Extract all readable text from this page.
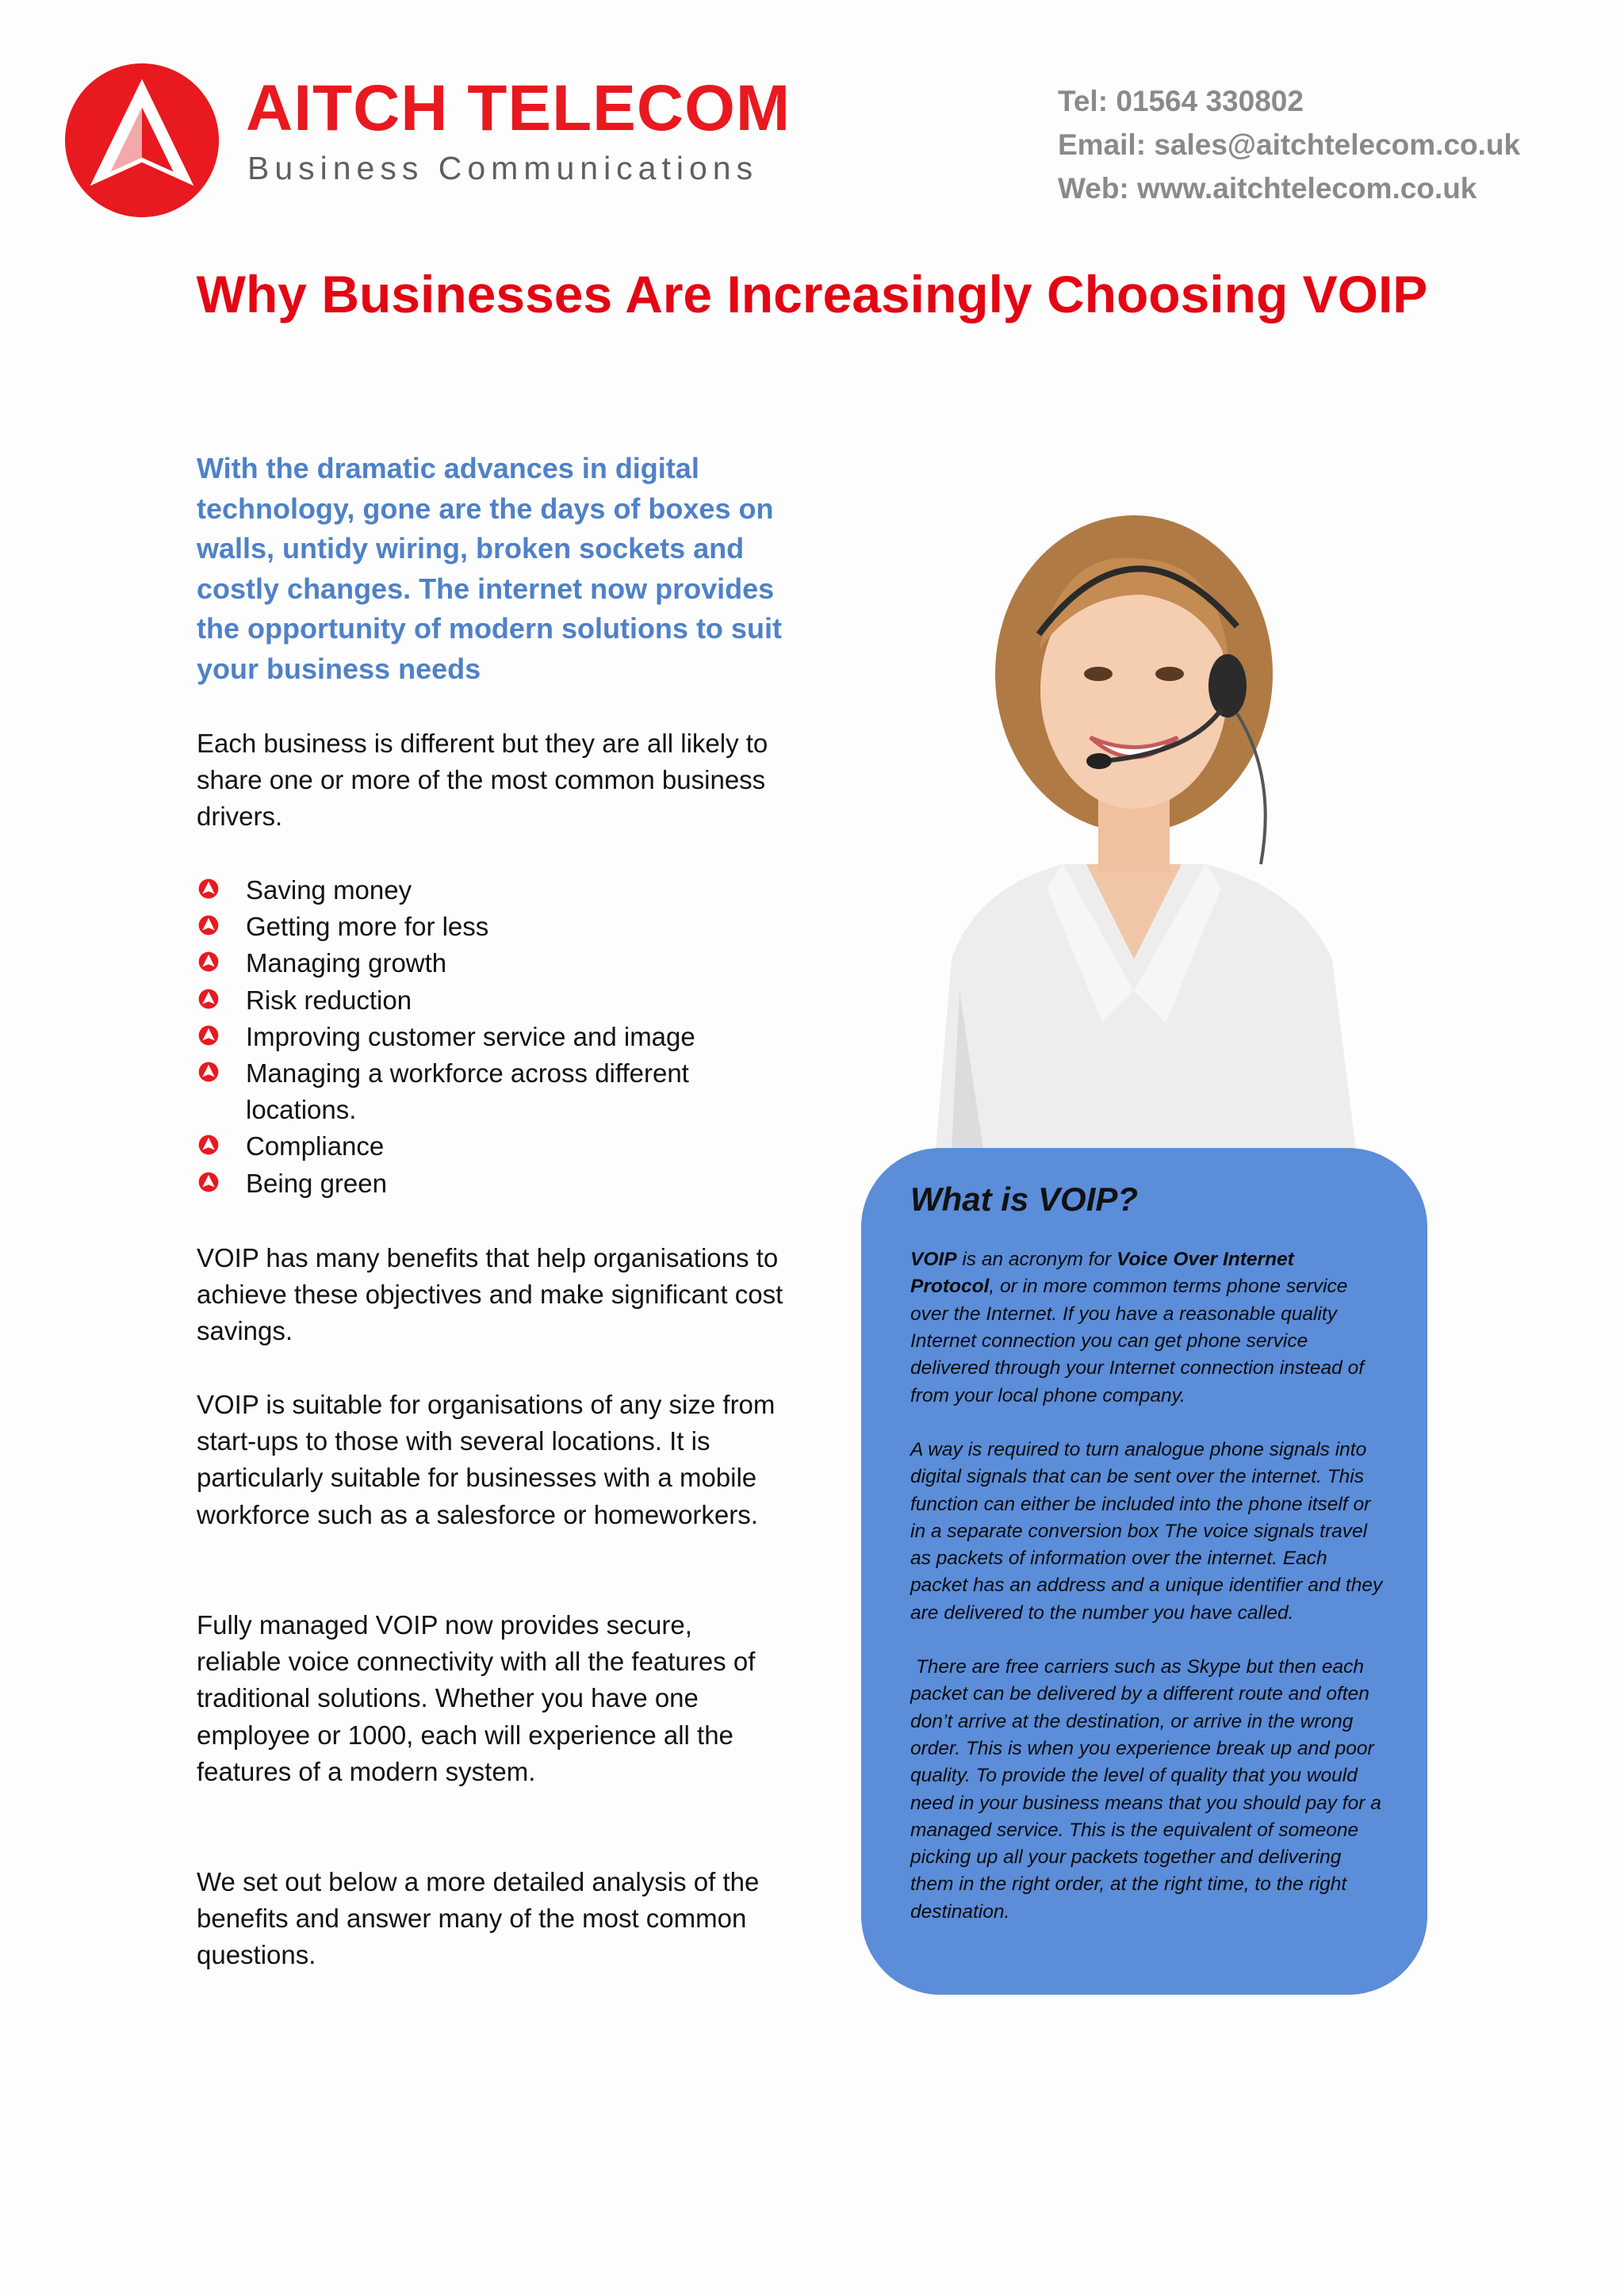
AITCH TELECOM
Business Communications
Tel: 01564 330802
Email: sales@aitchtelecom.co.uk
Web: www.aitchtelecom.co.uk
Why Businesses Are Increasingly Choosing VOIP

With the dramatic advances in digital technology, gone are the days of boxes on walls, untidy wiring, broken sockets and costly changes. The internet now provides the opportunity of modern solutions to suit your business needs

Each business is different but they are all likely to share one or more of the most common business drivers.

Saving money
Getting more for less
Managing growth
Risk reduction
Improving customer service and image
Managing a workforce across different locations.
Compliance
Being green

VOIP has many benefits that help organisations to achieve these objectives and make significant cost savings.

VOIP is suitable for organisations of any size from start-ups to those with several locations. It is particularly suitable for businesses with a mobile workforce such as a salesforce or homeworkers.

Fully managed VOIP now provides secure, reliable voice connectivity with all the features of traditional solutions. Whether you have one employee or 1000, each will experience all the features of a modern system.

We set out below a more detailed analysis of the benefits and answer many of the most common questions.

What is VOIP?

VOIP is an acronym for Voice Over Internet Protocol, or in more common terms phone service over the Internet. If you have a reasonable quality Internet connection you can get phone service delivered through your Internet connection instead of from your local phone company.

A way is required to turn analogue phone signals into digital signals that can be sent over the internet. This function can either be included into the phone itself or in a separate conversion box The voice signals travel as packets of information over the internet. Each packet has an address and a unique identifier and they are delivered to the number you have called.

There are free carriers such as Skype but then each packet can be delivered by a different route and often don’t arrive at the destination, or arrive in the wrong order. This is when you experience break up and poor quality. To provide the level of quality that you would need in your business means that you should pay for a managed service. This is the equivalent of someone picking up all your packets together and delivering them in the right order, at the right time, to the right destination.
